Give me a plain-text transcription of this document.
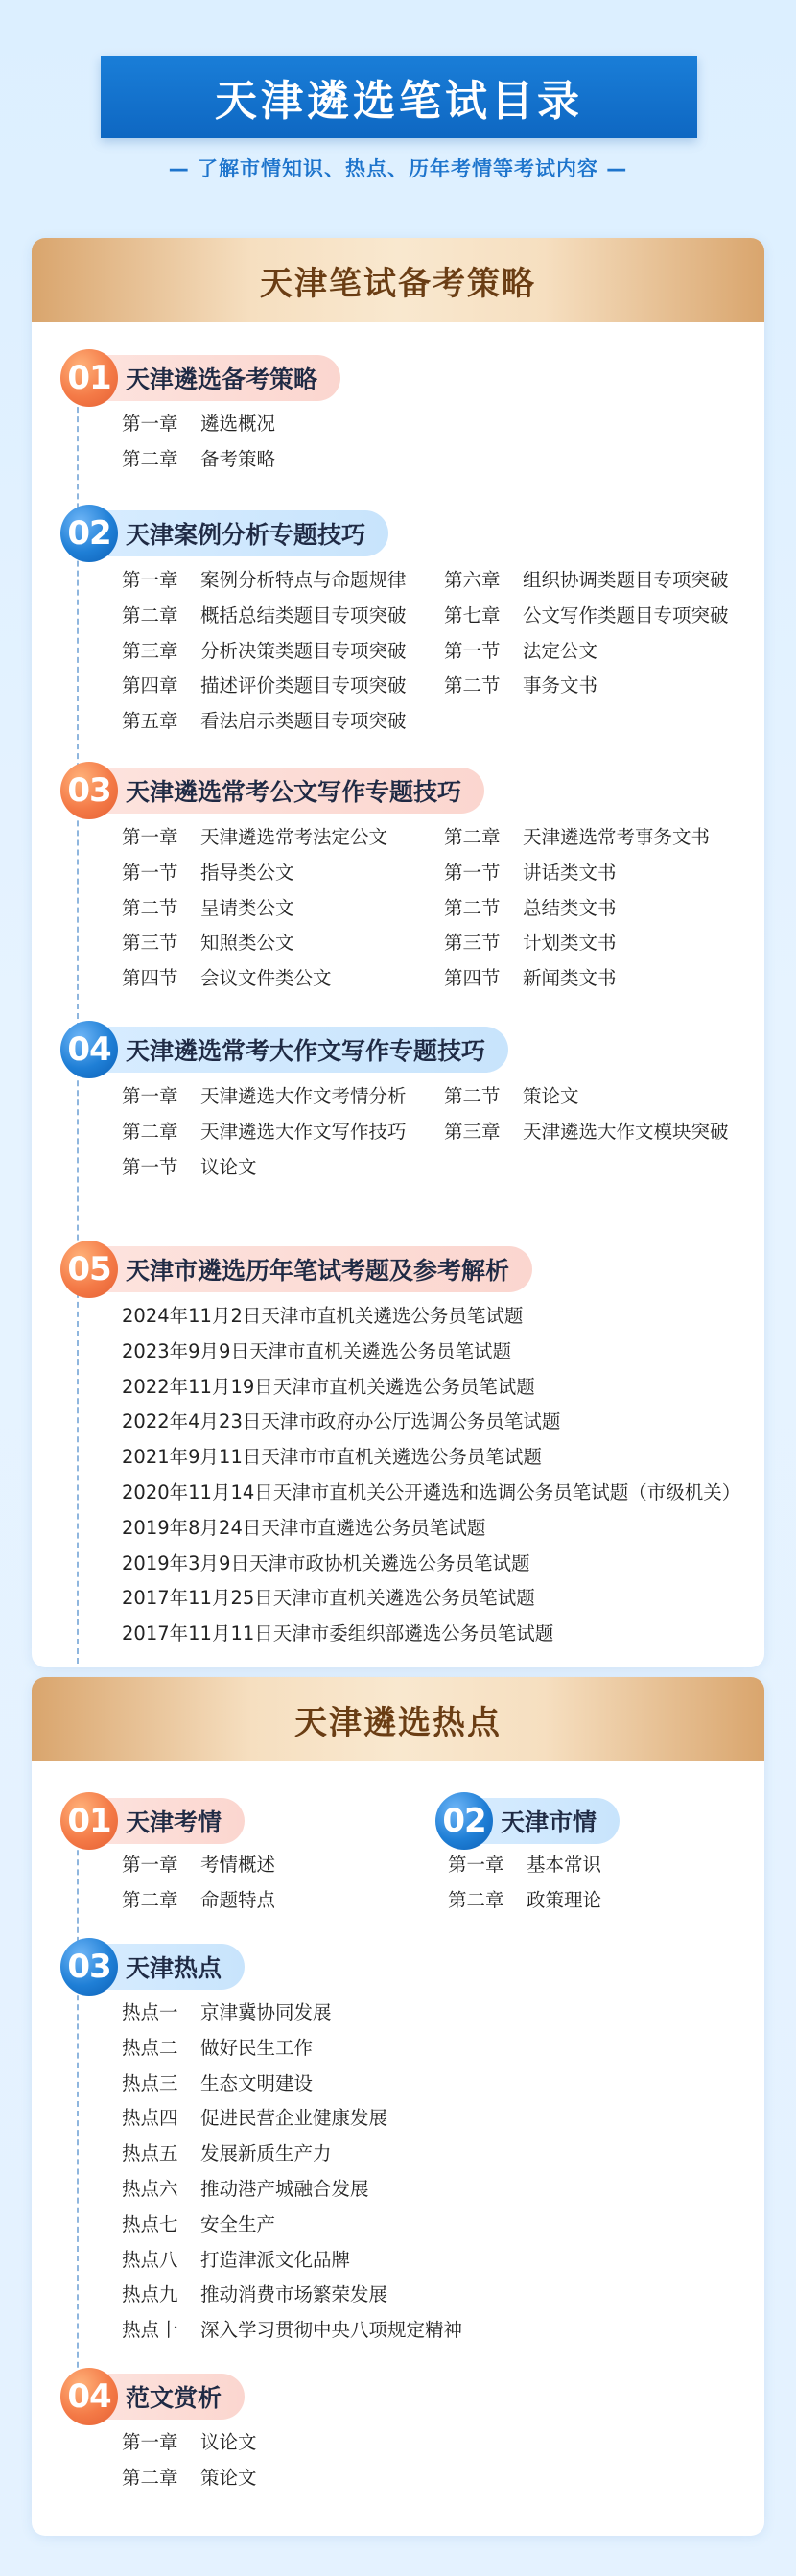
天津遴选笔试目录
— 了解市情知识、热点、历年考情等考试内容 —
天津笔试备考策略
01 天津遴选备考策略
第一章 遴选概况
第二章 备考策略
02 天津案例分析专题技巧
第一章 案例分析特点与命题规律
第二章 概括总结类题目专项突破
第三章 分析决策类题目专项突破
第四章 描述评价类题目专项突破
第五章 看法启示类题目专项突破
第六章 组织协调类题目专项突破
第七章 公文写作类题目专项突破
第一节 法定公文
第二节 事务文书
03 天津遴选常考公文写作专题技巧
第一章 天津遴选常考法定公文
第一节 指导类公文
第二节 呈请类公文
第三节 知照类公文
第四节 会议文件类公文
第二章 天津遴选常考事务文书
第一节 讲话类文书
第二节 总结类文书
第三节 计划类文书
第四节 新闻类文书
04 天津遴选常考大作文写作专题技巧
第一章 天津遴选大作文考情分析
第二章 天津遴选大作文写作技巧
第一节 议论文
第二节 策论文
第三章 天津遴选大作文模块突破
05 天津市遴选历年笔试考题及参考解析
2024年11月2日天津市直机关遴选公务员笔试题
2023年9月9日天津市直机关遴选公务员笔试题
2022年11月19日天津市直机关遴选公务员笔试题
2022年4月23日天津市政府办公厅选调公务员笔试题
2021年9月11日天津市市直机关遴选公务员笔试题
2020年11月14日天津市直机关公开遴选和选调公务员笔试题（市级机关）
2019年8月24日天津市直遴选公务员笔试题
2019年3月9日天津市政协机关遴选公务员笔试题
2017年11月25日天津市直机关遴选公务员笔试题
2017年11月11日天津市委组织部遴选公务员笔试题
天津遴选热点
01 天津考情
第一章 考情概述
第二章 命题特点
02 天津市情
第一章 基本常识
第二章 政策理论
03 天津热点
热点一 京津冀协同发展
热点二 做好民生工作
热点三 生态文明建设
热点四 促进民营企业健康发展
热点五 发展新质生产力
热点六 推动港产城融合发展
热点七 安全生产
热点八 打造津派文化品牌
热点九 推动消费市场繁荣发展
热点十 深入学习贯彻中央八项规定精神
04 范文赏析
第一章 议论文
第二章 策论文
